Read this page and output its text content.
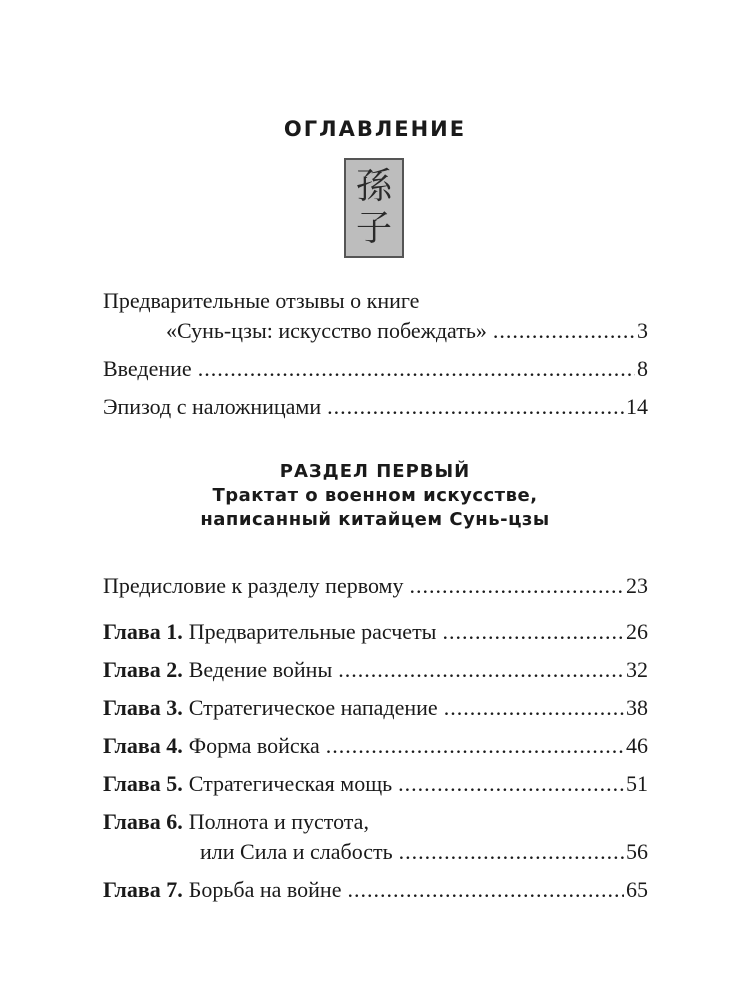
ОГЛАВЛЕНИЕ
孫
子
Предварительные отзывы о книге
«Сунь-цзы: искусство побеждать» .....	3
Введение .....	8
Эпизод с наложницами .....	14
РАЗДЕЛ ПЕРВЫЙ
Трактат о военном искусстве,
написанный китайцем Сунь-цзы
Предисловие к разделу первому .....	23
Глава 1. Предварительные расчеты .....	26
Глава 2. Ведение войны .....	32
Глава 3. Стратегическое нападение .....	38
Глава 4. Форма войска .....	46
Глава 5. Стратегическая мощь .....	51
Глава 6. Полнота и пустота,
или Сила и слабость .....	56
Глава 7. Борьба на войне .....	65
